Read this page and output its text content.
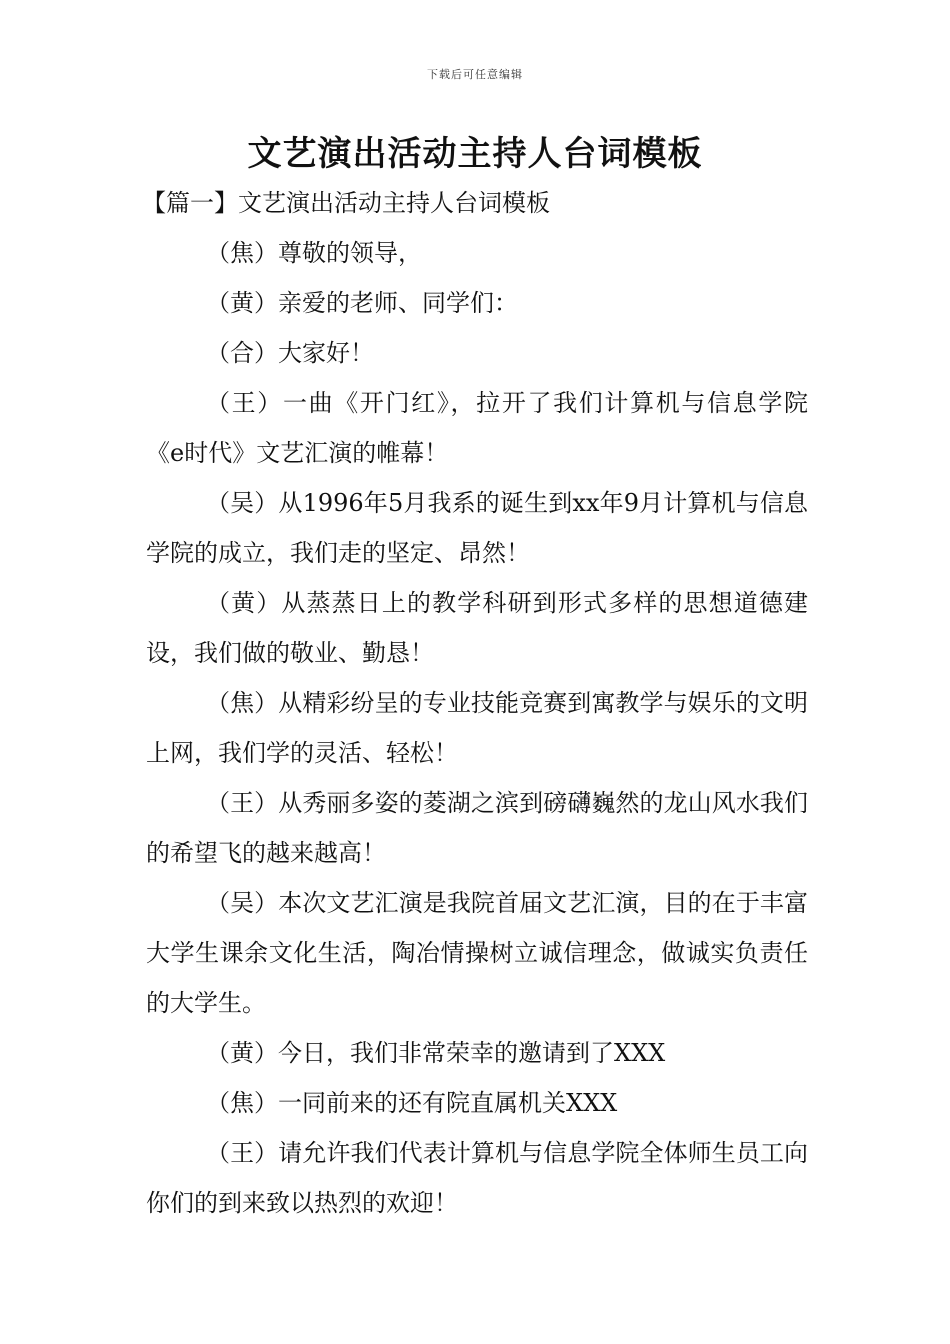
下载后可任意编辑
文艺演出活动主持人台词模板

【篇一】文艺演出活动主持人台词模板

（焦）尊敬的领导，

（黄）亲爱的老师、同学们：

（合）大家好！

（王）一曲《开门红》，拉开了我们计算机与信息学院《e时代》文艺汇演的帷幕！

（吴）从1996年5月我系的诞生到xx年9月计算机与信息学院的成立，我们走的坚定、昂然！

（黄）从蒸蒸日上的教学科研到形式多样的思想道德建设，我们做的敬业、勤恳！

（焦）从精彩纷呈的专业技能竞赛到寓教学与娱乐的文明上网，我们学的灵活、轻松！

（王）从秀丽多姿的菱湖之滨到磅礴巍然的龙山风水我们的希望飞的越来越高！

（吴）本次文艺汇演是我院首届文艺汇演，目的在于丰富大学生课余文化生活，陶冶情操树立诚信理念，做诚实负责任的大学生。

（黄）今日，我们非常荣幸的邀请到了XXX

（焦）一同前来的还有院直属机关XXX

（王）请允许我们代表计算机与信息学院全体师生员工向你们的到来致以热烈的欢迎！
